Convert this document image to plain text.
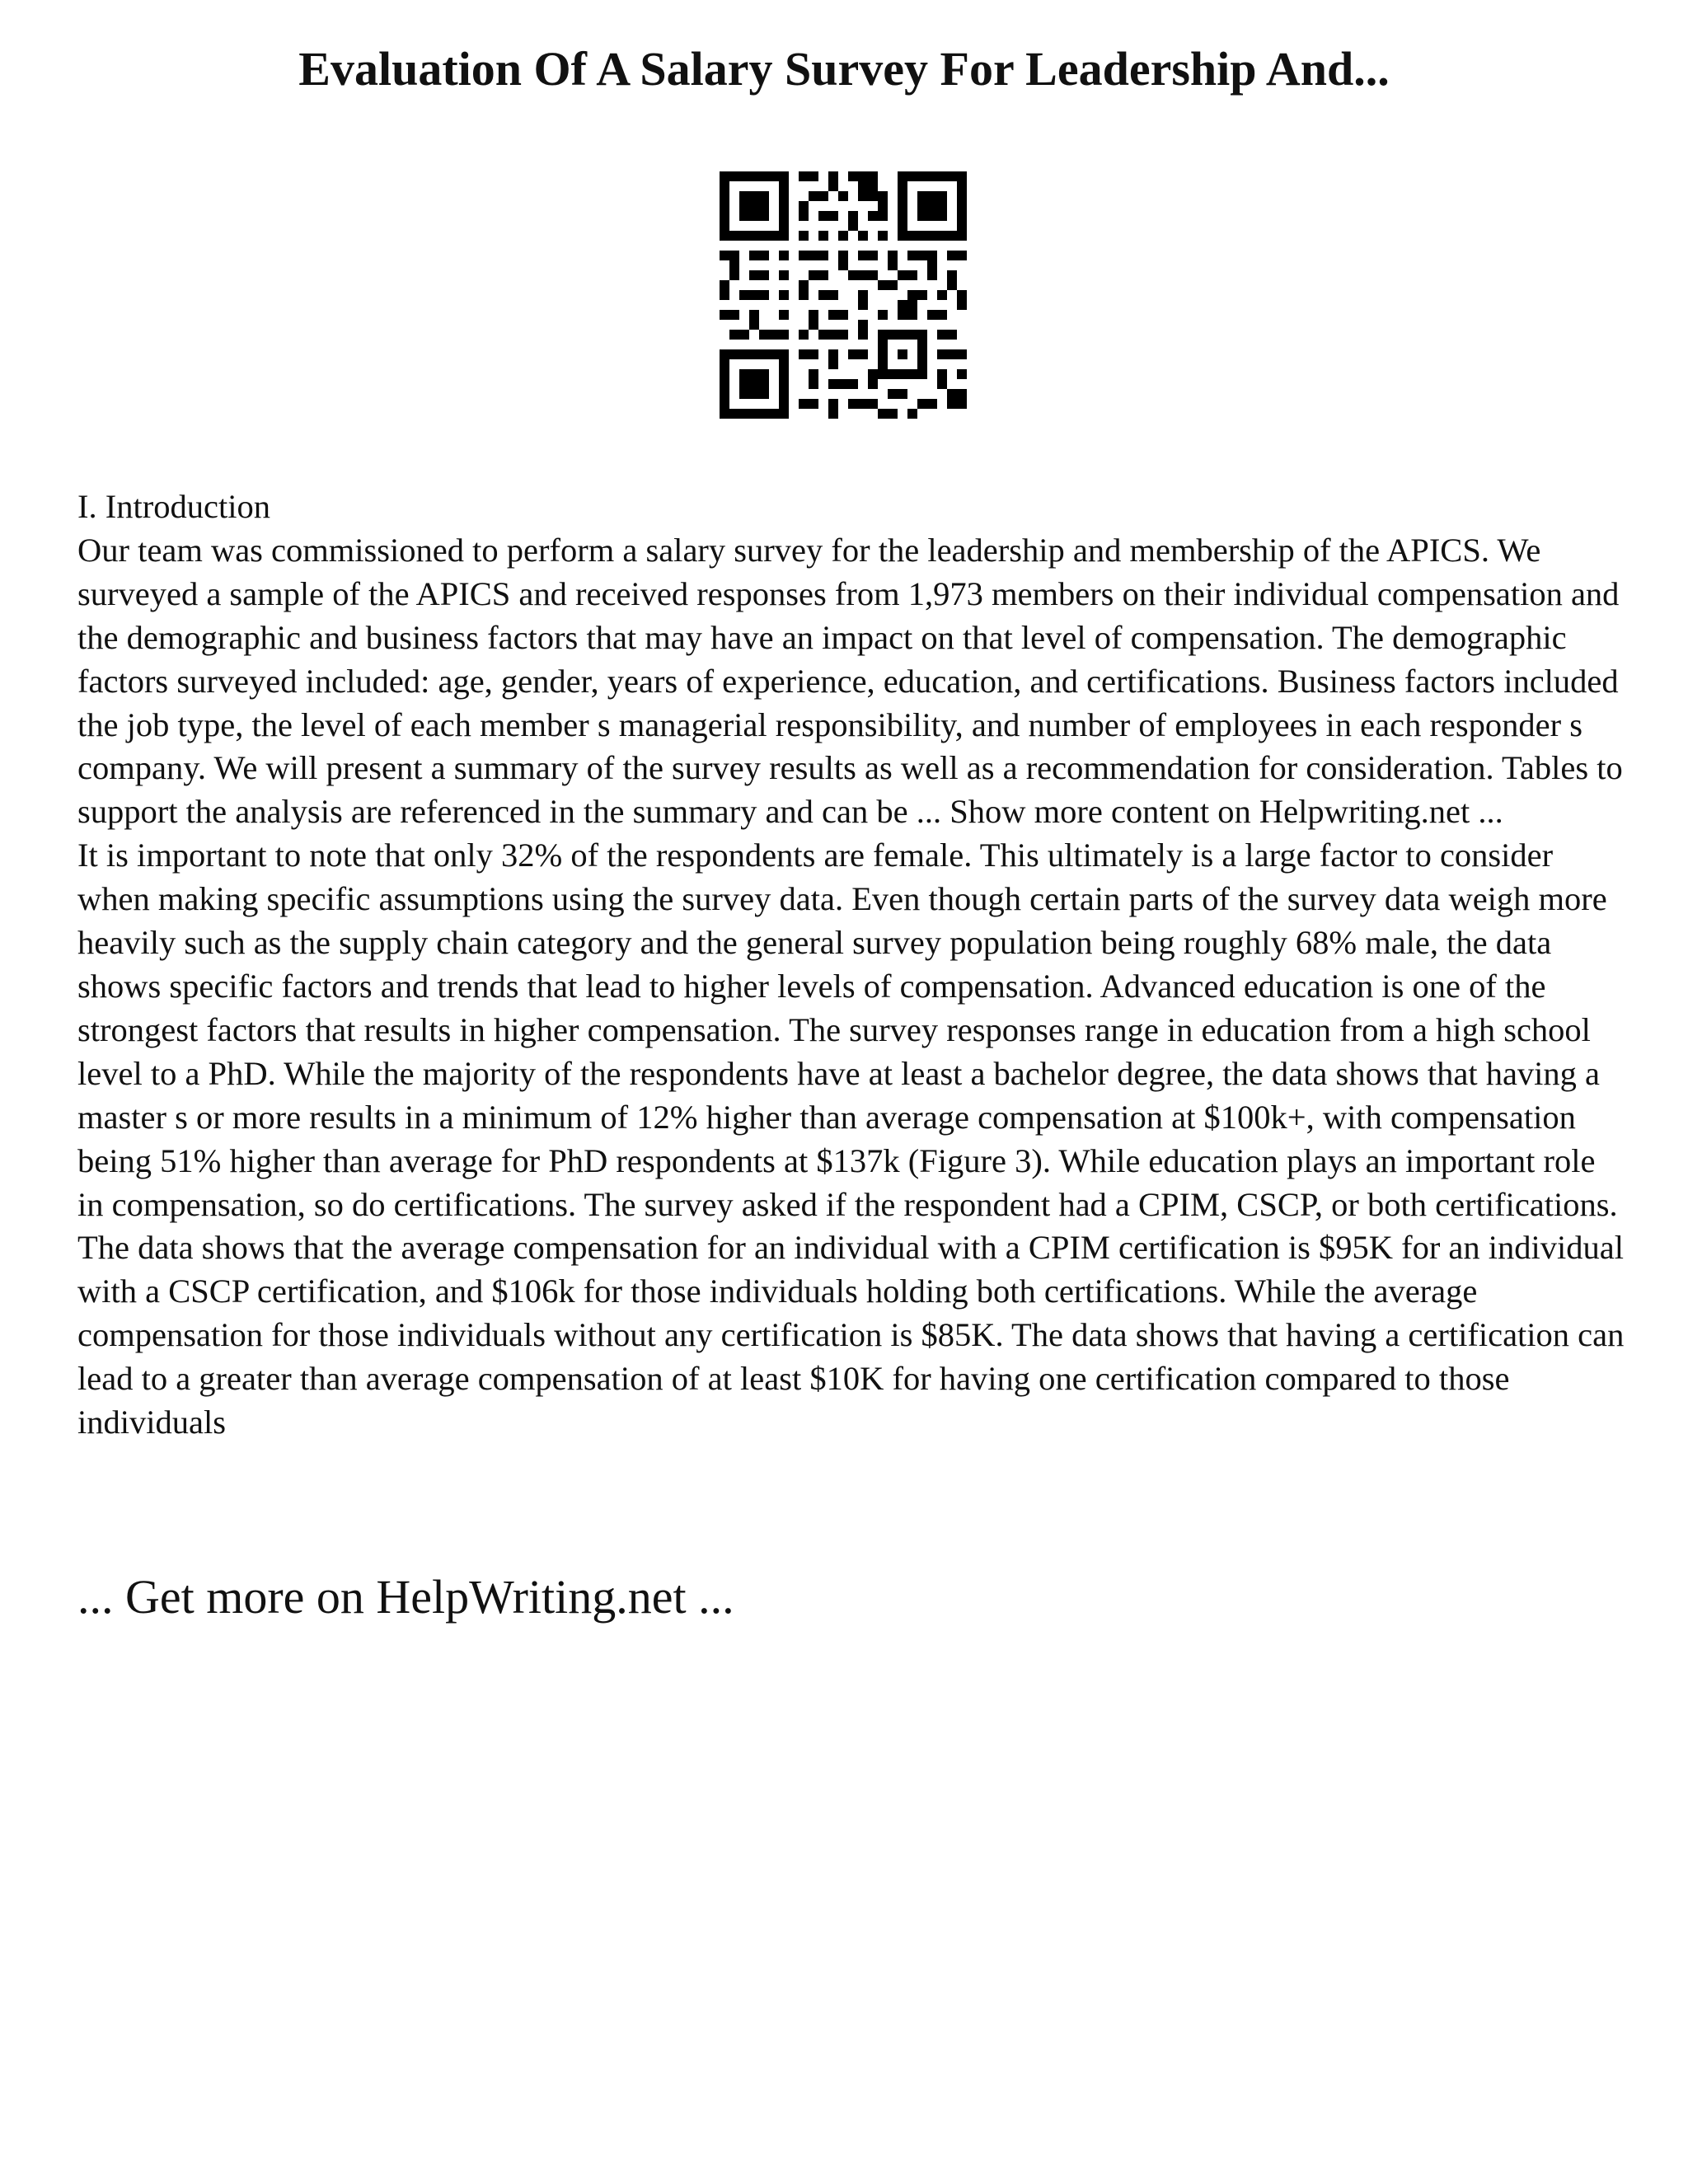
Evaluation Of A Salary Survey For Leadership And...

I. Introduction

Our team was commissioned to perform a salary survey for the leadership and membership of the APICS. We surveyed a sample of the APICS and received responses from 1,973 members on their individual compensation and the demographic and business factors that may have an impact on that level of compensation. The demographic factors surveyed included: age, gender, years of experience, education, and certifications. Business factors included the job type, the level of each member s managerial responsibility, and number of employees in each responder s company. We will present a summary of the survey results as well as a recommendation for consideration. Tables to support the analysis are referenced in the summary and can be ... Show more content on Helpwriting.net ...

It is important to note that only 32% of the respondents are female. This ultimately is a large factor to consider when making specific assumptions using the survey data. Even though certain parts of the survey data weigh more heavily such as the supply chain category and the general survey population being roughly 68% male, the data shows specific factors and trends that lead to higher levels of compensation. Advanced education is one of the strongest factors that results in higher compensation. The survey responses range in education from a high school level to a PhD. While the majority of the respondents have at least a bachelor degree, the data shows that having a master s or more results in a minimum of 12% higher than average compensation at $100k+, with compensation being 51% higher than average for PhD respondents at $137k (Figure 3). While education plays an important role in compensation, so do certifications. The survey asked if the respondent had a CPIM, CSCP, or both certifications. The data shows that the average compensation for an individual with a CPIM certification is $95K for an individual with a CSCP certification, and $106k for those individuals holding both certifications. While the average compensation for those individuals without any certification is $85K. The data shows that having a certification can lead to a greater than average compensation of at least $10K for having one certification compared to those individuals

... Get more on HelpWriting.net ...
